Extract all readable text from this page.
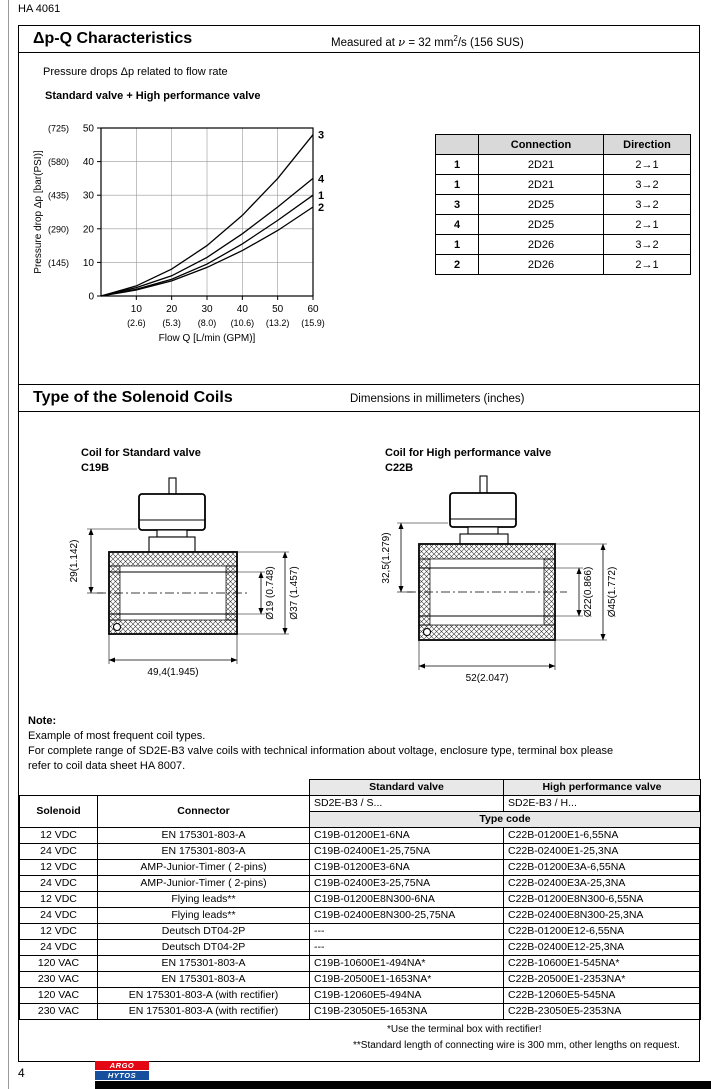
HA 4061
Δp-Q Characteristics	Measured at ν = 32 $mm^2/s$ (156 SUS)
Pressure drops Δp related to flow rate
Standard valve + High performance valve
0
10
(145)
20
(290)
30
(435)
40
(580)
50
(725)
10
(2.6)
20
(5.3)
30
(8.0)
40
(10.6)
50
(13.2)
60
(15.9)
Flow Q [L/min (GPM)]
Pressure drop Δp [bar(PSI)]	1
2
3
4
	Connection	Direction
1	2D21	2→1
1	2D21	3→2
3	2D25	3→2
4	2D25	2→1
1	2D26	3→2
2	2D26	2→1
Type of the Solenoid Coils	Dimensions in millimeters (inches)
Coil for Standard valve
C19B
Coil for High performance valve
C22B
29(1.142)
Ø19 (0.748) Ø37 (1.457)
49,4(1.945)
32,5(1.279)
Ø22(0.866) Ø45(1.772)
52(2.047)
Note:
Example of most frequent coil types.
For complete range of SD2E-B3 valve coils with technical information about voltage, enclosure type, terminal box please
refer to coil data sheet HA 8007.
		Standard valve	High performance valve
Solenoid	Connector	SD2E-B3 / S...	SD2E-B3 / H...
		Type code	
12 VDC	EN 175301-803-A	C19B-01200E1-6NA	C22B-01200E1-6,55NA
24 VDC	EN 175301-803-A	C19B-02400E1-25,75NA	C22B-02400E1-25,3NA
12 VDC	AMP-Junior-Timer ( 2-pins)	C19B-01200E3-6NA	C22B-01200E3A-6,55NA
24 VDC	AMP-Junior-Timer ( 2-pins)	C19B-02400E3-25,75NA	C22B-02400E3A-25,3NA
12 VDC	Flying leads**	C19B-01200E8N300-6NA	C22B-01200E8N300-6,55NA
24 VDC	Flying leads**	C19B-02400E8N300-25,75NA	C22B-02400E8N300-25,3NA
12 VDC	Deutsch DT04-2P	---	C22B-01200E12-6,55NA
24 VDC	Deutsch DT04-2P	---	C22B-02400E12-25,3NA
120 VAC	EN 175301-803-A	C19B-10600E1-494NA*	C22B-10600E1-545NA*
230 VAC	EN 175301-803-A	C19B-20500E1-1653NA*	C22B-20500E1-2353NA*
120 VAC	EN 175301-803-A (with rectifier)	C19B-12060E5-494NA	C22B-12060E5-545NA
230 VAC	EN 175301-803-A (with rectifier)	C19B-23050E5-1653NA	C22B-23050E5-2353NA
*Use the terminal box with rectifier!
**Standard length of connecting wire is 300 mm, other lengths on request.
4
ARGO
HYTOS
